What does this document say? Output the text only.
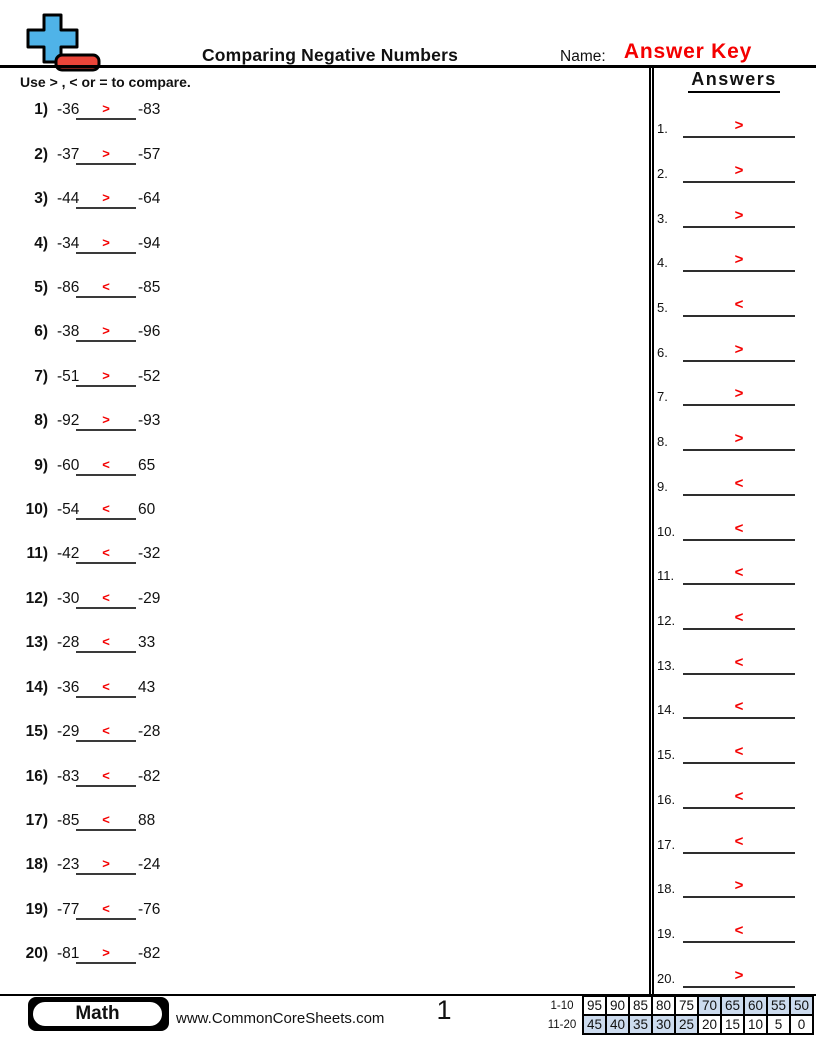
Comparing Negative Numbers	Name: Answer Key
Use > , < or = to compare.
1) -36	>	-83
2) -37	>	-57
3) -44	>	-64
4) -34	>	-94
5) -86	<	-85
6) -38	>	-96
7) -51	>	-52
8) -92	>	-93
9) -60	<	65
10) -54	<	60
11) -42	<	-32
12) -30	<	-29
13) -28	<	33
14) -36	<	43
15) -29	<	-28
16) -83	<	-82
17) -85	<	88
18) -23	>	-24
19) -77	<	-76
20) -81	>	-82
Answers
1.	>
2.	>
3.	>
4.	>
5.	<
6.	>
7.	>
8.	>
9.	<
10.	<
11.	<
12.	<
13.	<
14.	<
15.	<
16.	<
17.	<
18.	>
19.	<
20.	>
Math	www.CommonCoreSheets.com	1	1-10	95	90	85	80	75	70	65	60	55	50
11-20	45	40	35	30	25	20	15	10	5	0
